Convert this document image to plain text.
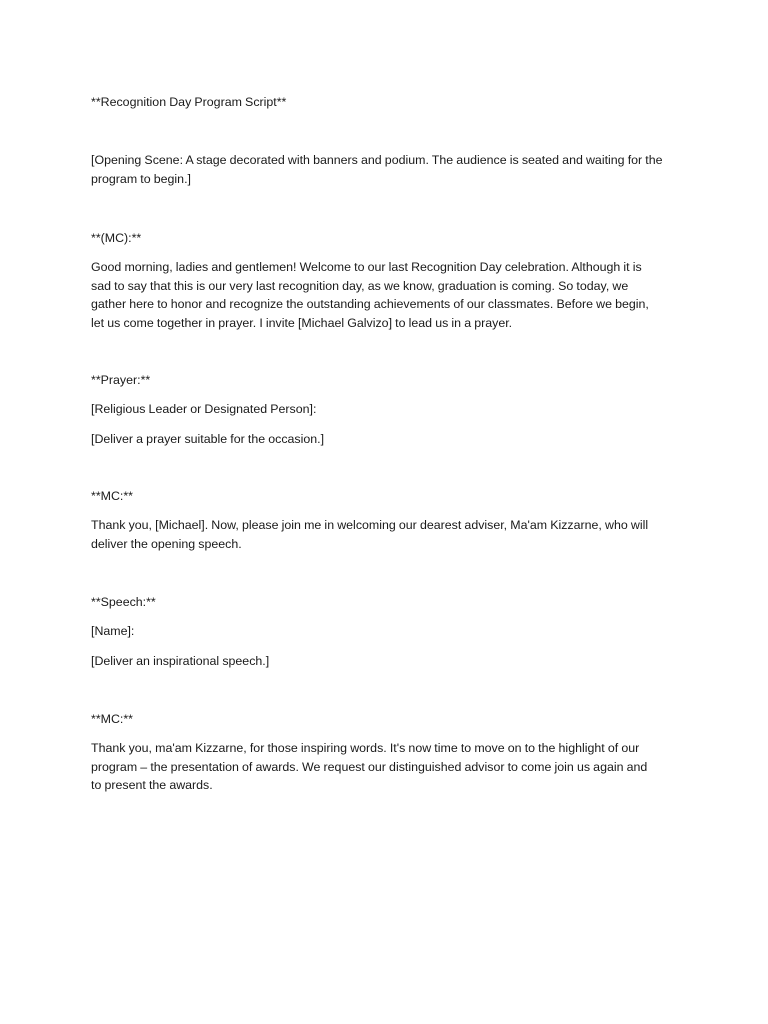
**Recognition Day Program Script**

[Opening Scene: A stage decorated with banners and podium. The audience is seated and waiting for the
program to begin.]

**(MC):**

Good morning, ladies and gentlemen! Welcome to our last Recognition Day celebration. Although it is
sad to say that this is our very last recognition day, as we know, graduation is coming. So today, we
gather here to honor and recognize the outstanding achievements of our classmates. Before we begin,
let us come together in prayer. I invite [Michael Galvizo] to lead us in a prayer.

**Prayer:**

[Religious Leader or Designated Person]:

[Deliver a prayer suitable for the occasion.]

**MC:**

Thank you, [Michael]. Now, please join me in welcoming our dearest adviser, Ma'am Kizzarne, who will
deliver the opening speech.

**Speech:**

[Name]:

[Deliver an inspirational speech.]

**MC:**

Thank you, ma'am Kizzarne, for those inspiring words. It's now time to move on to the highlight of our
program – the presentation of awards. We request our distinguished advisor to come join us again and
to present the awards.
